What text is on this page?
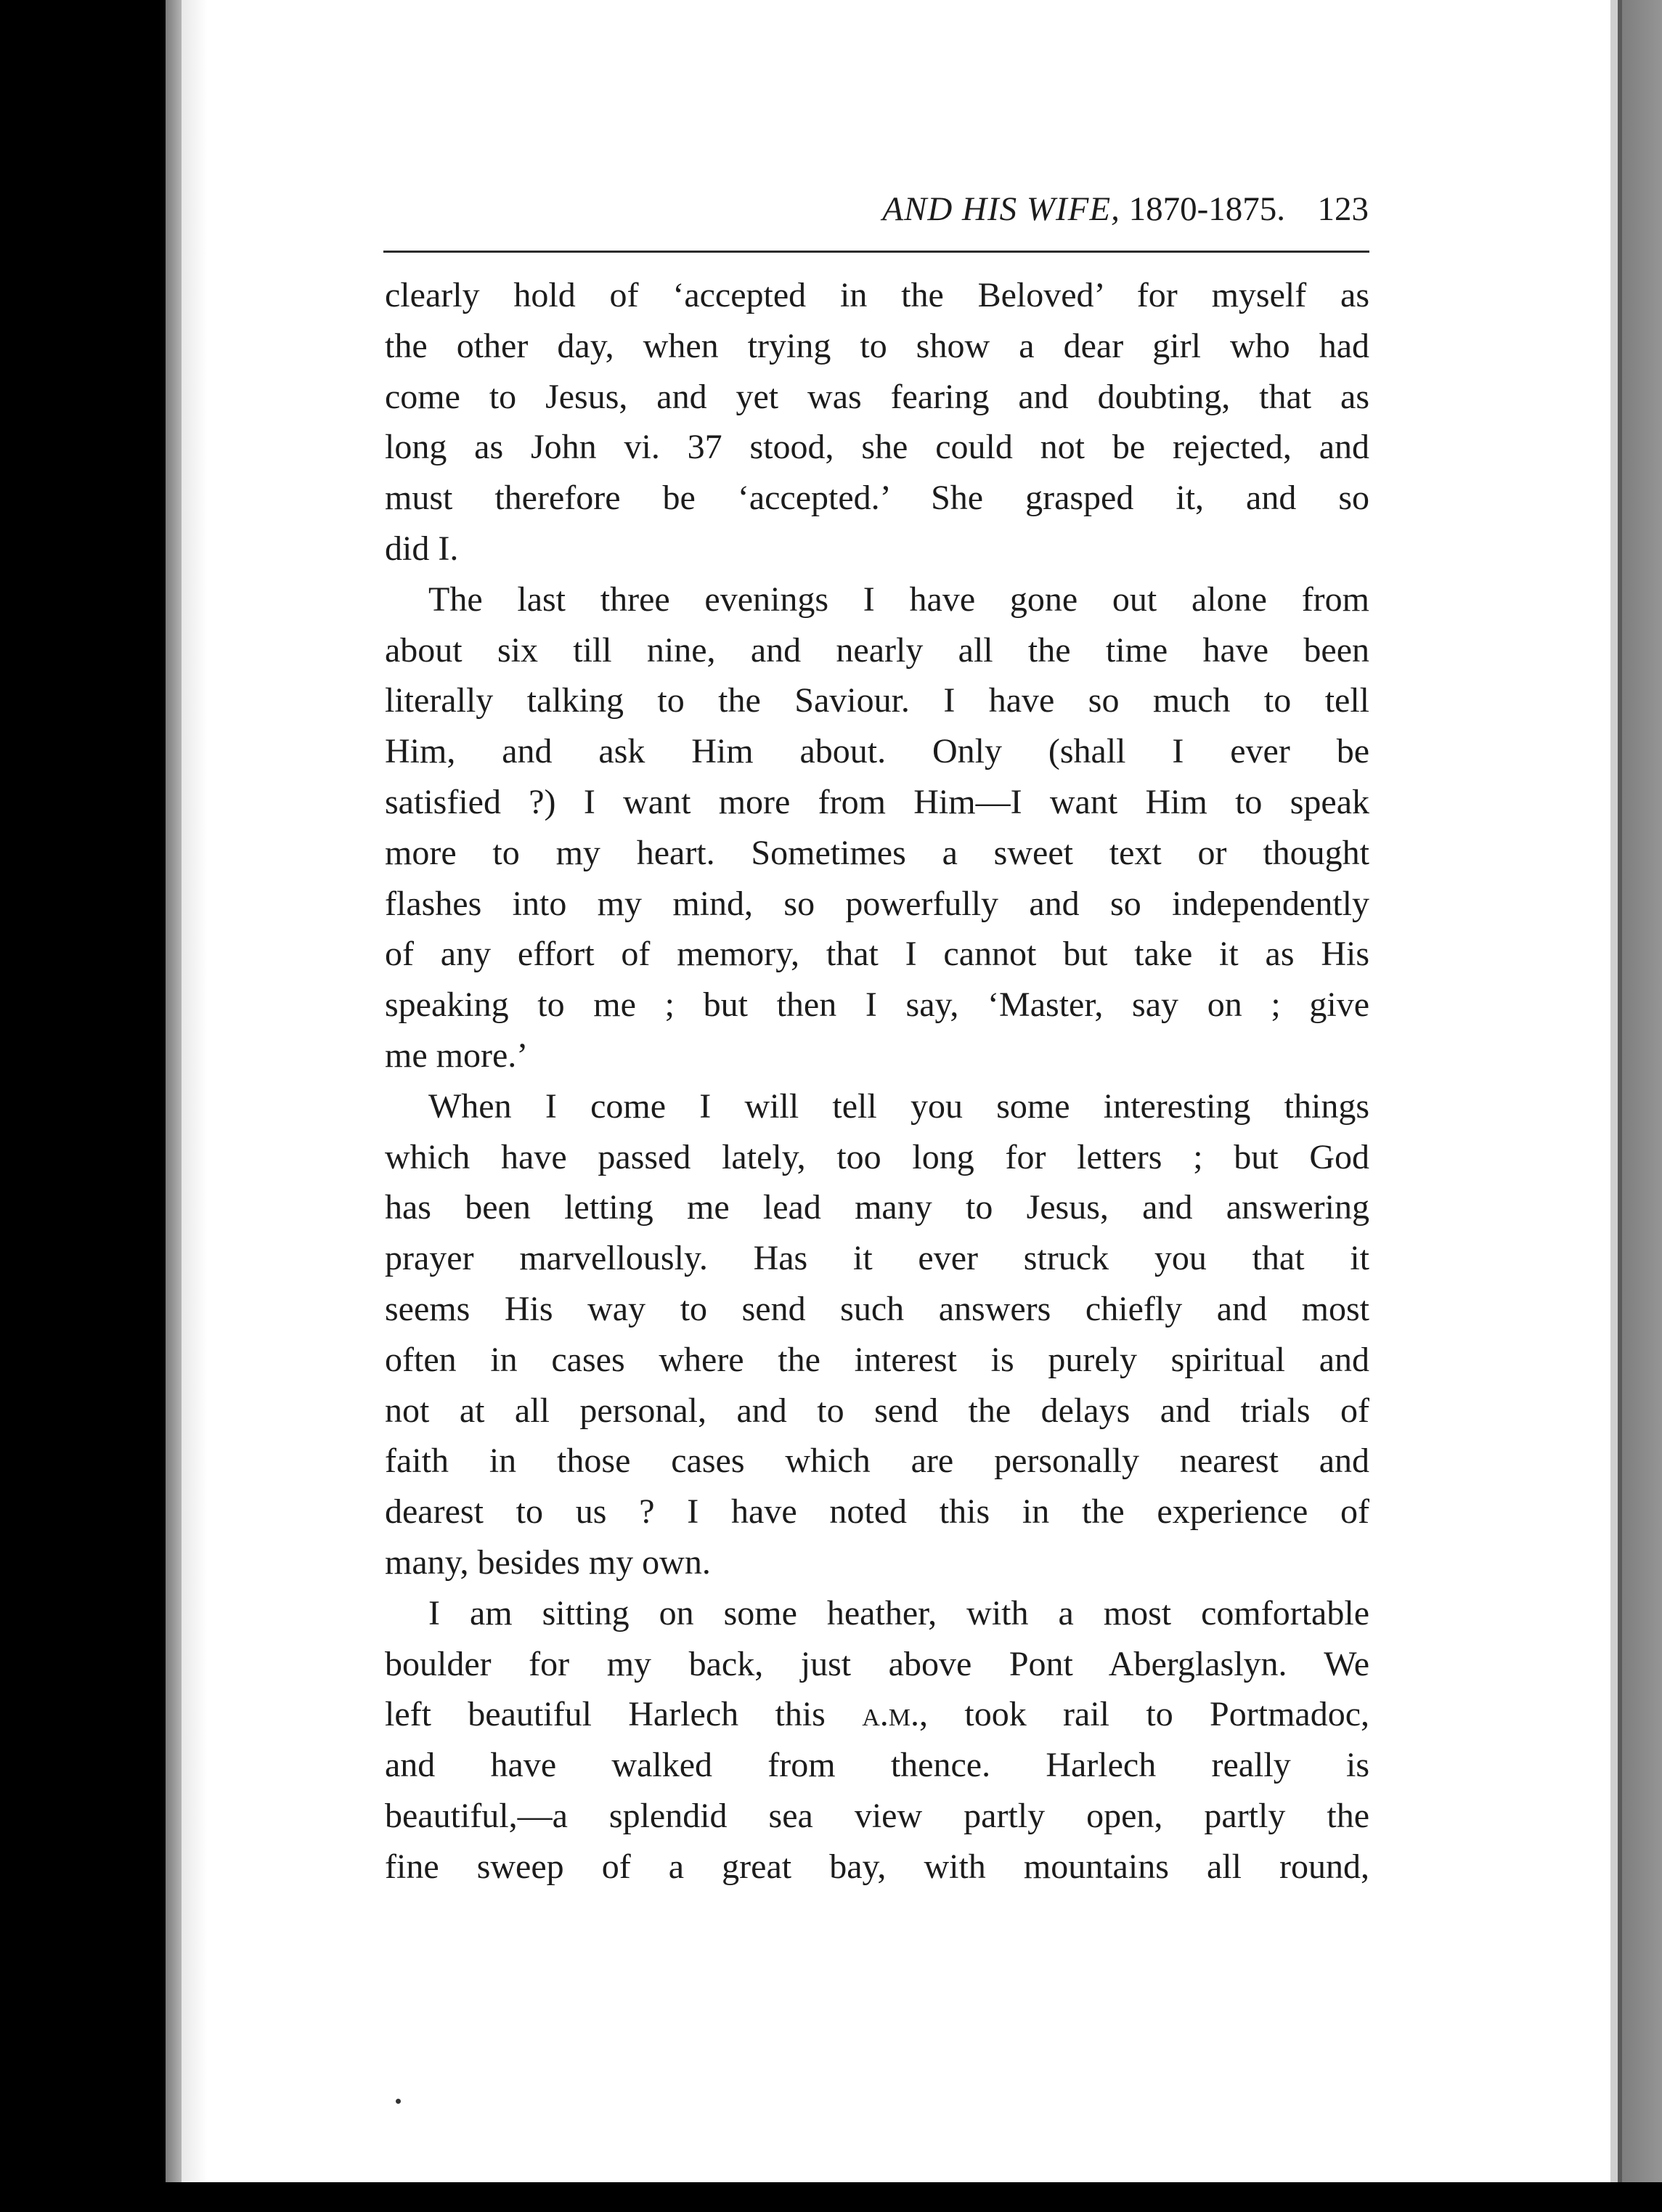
AND HIS WIFE, 1870-1875. 123
clearly hold of ‘accepted in the Beloved’ for myself as
the other day, when trying to show a dear girl who had
come to Jesus, and yet was fearing and doubting, that as
long as John vi. 37 stood, she could not be rejected, and
must therefore be ‘accepted.’ She grasped it, and so
did I.
The last three evenings I have gone out alone from
about six till nine, and nearly all the time have been
literally talking to the Saviour. I have so much to tell
Him, and ask Him about. Only (shall I ever be
satisfied ?) I want more from Him—I want Him to speak
more to my heart. Sometimes a sweet text or thought
flashes into my mind, so powerfully and so independently
of any effort of memory, that I cannot but take it as His
speaking to me ; but then I say, ‘Master, say on ; give
me more.’
When I come I will tell you some interesting things
which have passed lately, too long for letters ; but God
has been letting me lead many to Jesus, and answering
prayer marvellously. Has it ever struck you that it
seems His way to send such answers chiefly and most
often in cases where the interest is purely spiritual and
not at all personal, and to send the delays and trials of
faith in those cases which are personally nearest and
dearest to us ? I have noted this in the experience of
many, besides my own.
I am sitting on some heather, with a most comfortable
boulder for my back, just above Pont Aberglaslyn. We
left beautiful Harlech this a.m., took rail to Portmadoc,
and have walked from thence. Harlech really is
beautiful,—a splendid sea view partly open, partly the
fine sweep of a great bay, with mountains all round,
